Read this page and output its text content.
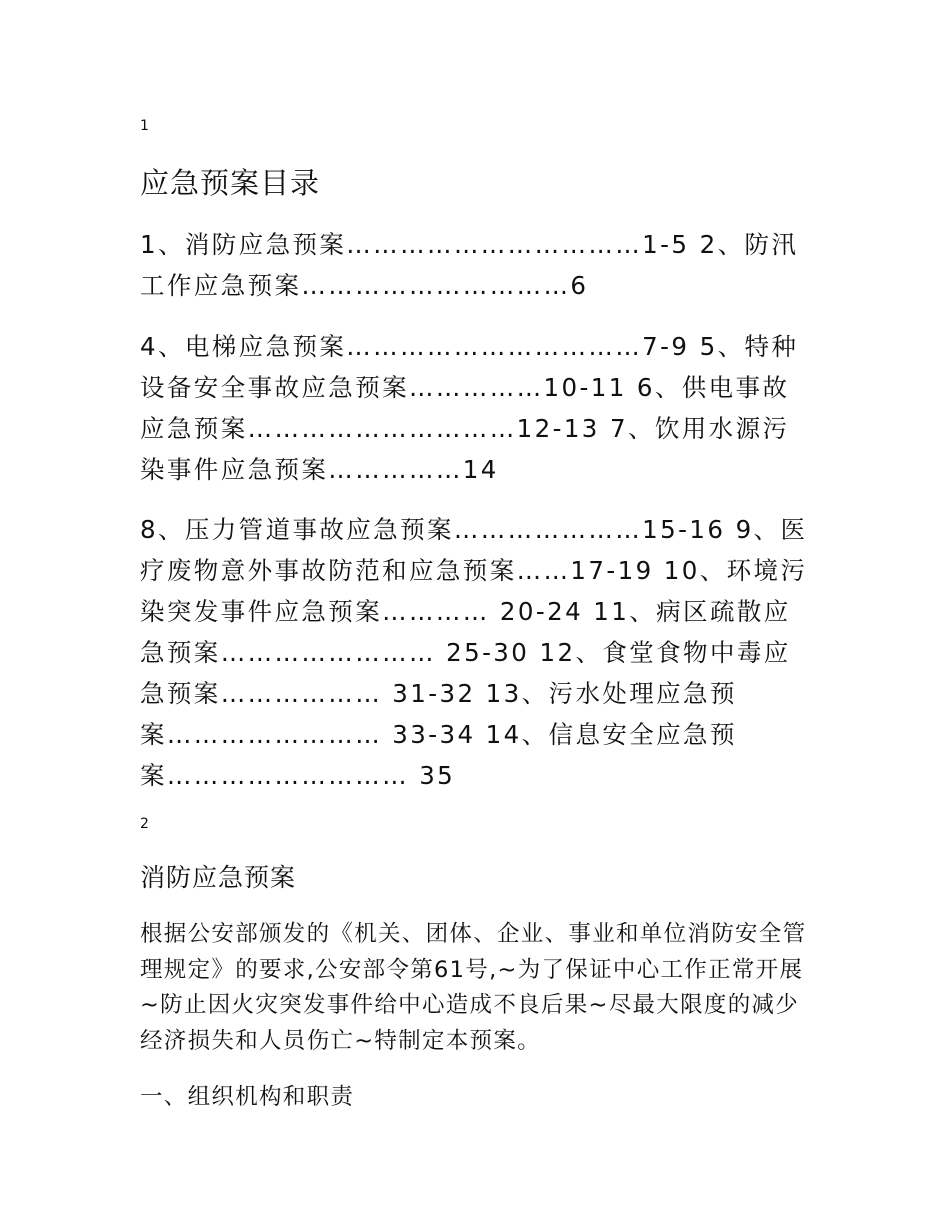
1
应急预案目录

1、消防应急预案……………………………1-5 2、防汛工作应急预案…………………………6

4、电梯应急预案……………………………7-9 5、特种设备安全事故应急预案……………10-11 6、供电事故应急预案…………………………12-13 7、饮用水源污染事件应急预案……………14

8、压力管道事故应急预案…………………15-16 9、医疗废物意外事故防范和应急预案……17-19 10、环境污染突发事件应急预案………… 20-24 11、病区疏散应急预案…………………… 25-30 12、食堂食物中毒应急预案……………… 31-32 13、污水处理应急预案…………………… 33-34 14、信息安全应急预案……………………… 35

2
消防应急预案

根据公安部颁发的《机关、团体、企业、事业和单位消防安全管理规定》的要求,公安部令第61号,~为了保证中心工作正常开展~防止因火灾突发事件给中心造成不良后果~尽最大限度的减少经济损失和人员伤亡~特制定本预案。

一、组织机构和职责
